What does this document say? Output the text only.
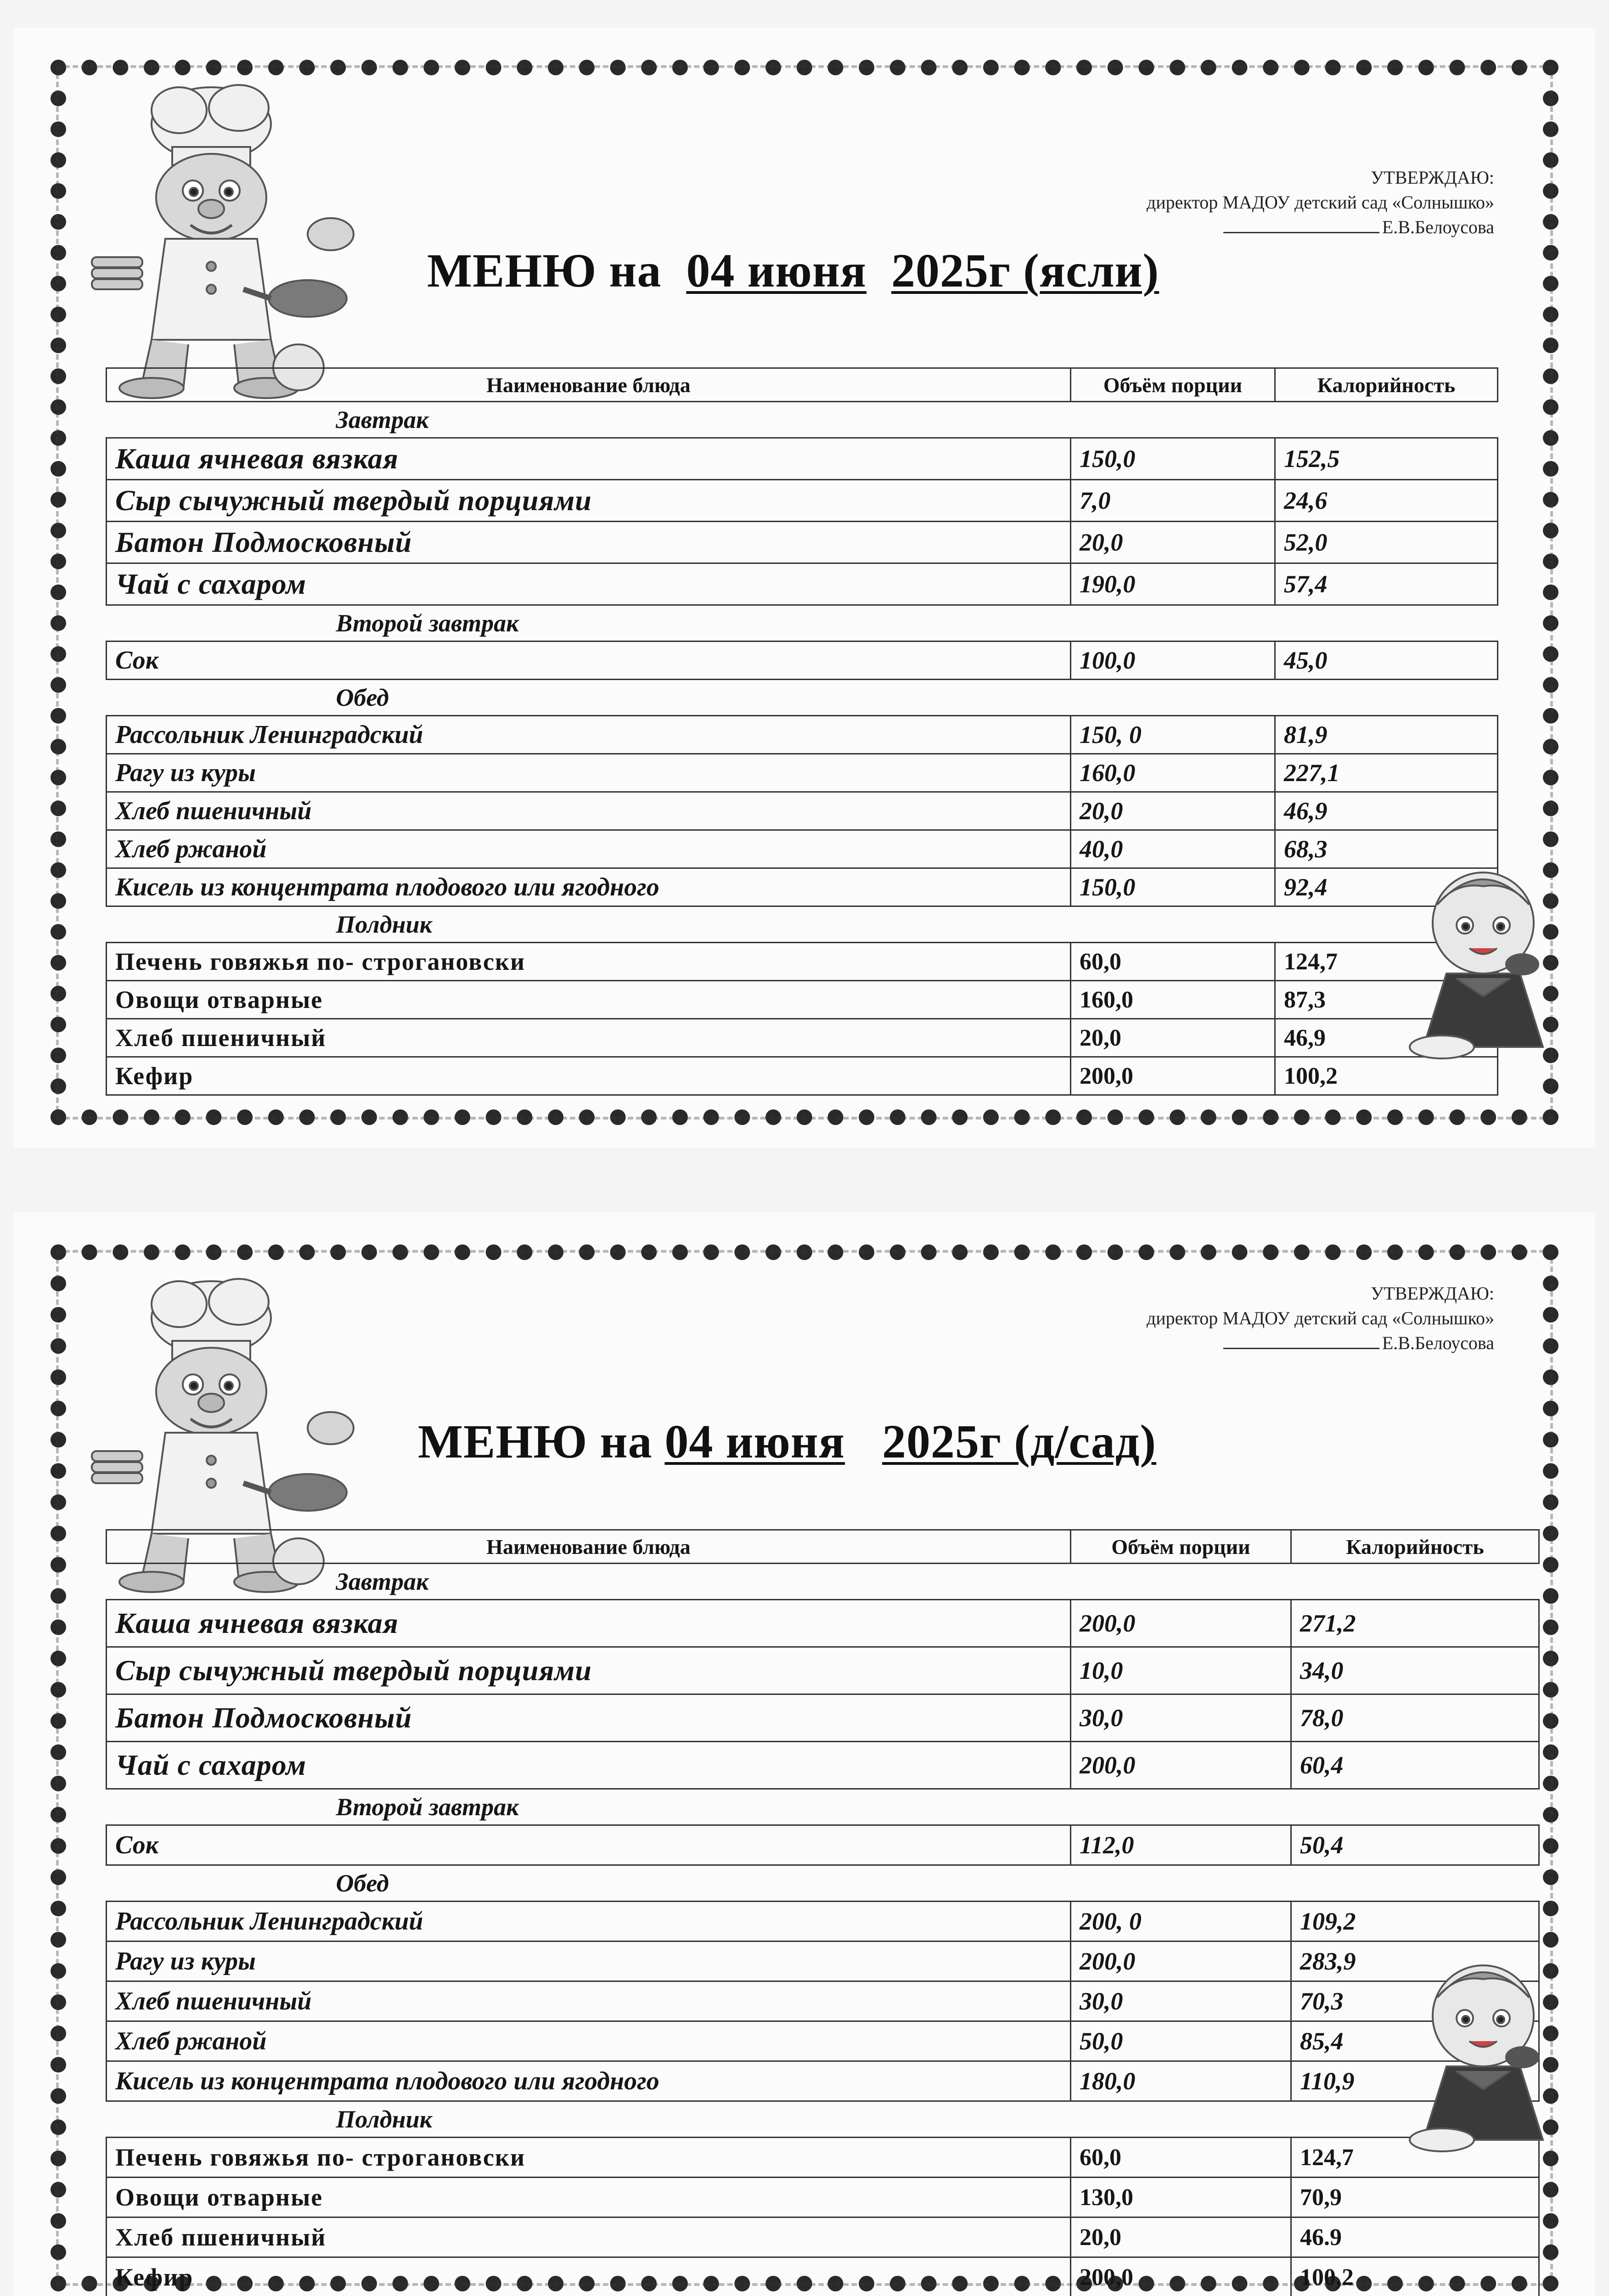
УТВЕРЖДАЮ:
директор МАДОУ детский сад «Солнышко»
Е.В.Белоусова
МЕНЮ на 04 июня 2025г (ясли)
Наименование блюда	Объём порции	Калорийность
Завтрак		
Каша ячневая вязкая	150,0	152,5
Сыр сычужный твердый порциями	7,0	24,6
Батон Подмосковный	20,0	52,0
Чай с сахаром	190,0	57,4
Второй завтрак		
Сок	100,0	45,0
Обед		
Рассольник Ленинградский	150, 0	81,9
Рагу из куры	160,0	227,1
Хлеб пшеничный	20,0	46,9
Хлеб ржаной	40,0	68,3
Кисель из концентрата плодового или ягодного	150,0	92,4
Полдник		
Печень говяжья по- строгановски	60,0	124,7
Овощи отварные	160,0	87,3
Хлеб пшеничный	20,0	46,9
Кефир	200,0	100,2
УТВЕРЖДАЮ:
директор МАДОУ детский сад «Солнышко»
Е.В.Белоусова
МЕНЮ на 04 июня 2025г (д/сад)
Наименование блюда	Объём порции	Калорийность
Завтрак		
Каша ячневая вязкая	200,0	271,2
Сыр сычужный твердый порциями	10,0	34,0
Батон Подмосковный	30,0	78,0
Чай с сахаром	200,0	60,4
Второй завтрак		
Сок	112,0	50,4
Обед		
Рассольник Ленинградский	200, 0	109,2
Рагу из куры	200,0	283,9
Хлеб пшеничный	30,0	70,3
Хлеб ржаной	50,0	85,4
Кисель из концентрата плодового или ягодного	180,0	110,9
Полдник		
Печень говяжья по- строгановски	60,0	124,7
Овощи отварные	130,0	70,9
Хлеб пшеничный	20,0	46.9
Кефир	200,0	100,2
